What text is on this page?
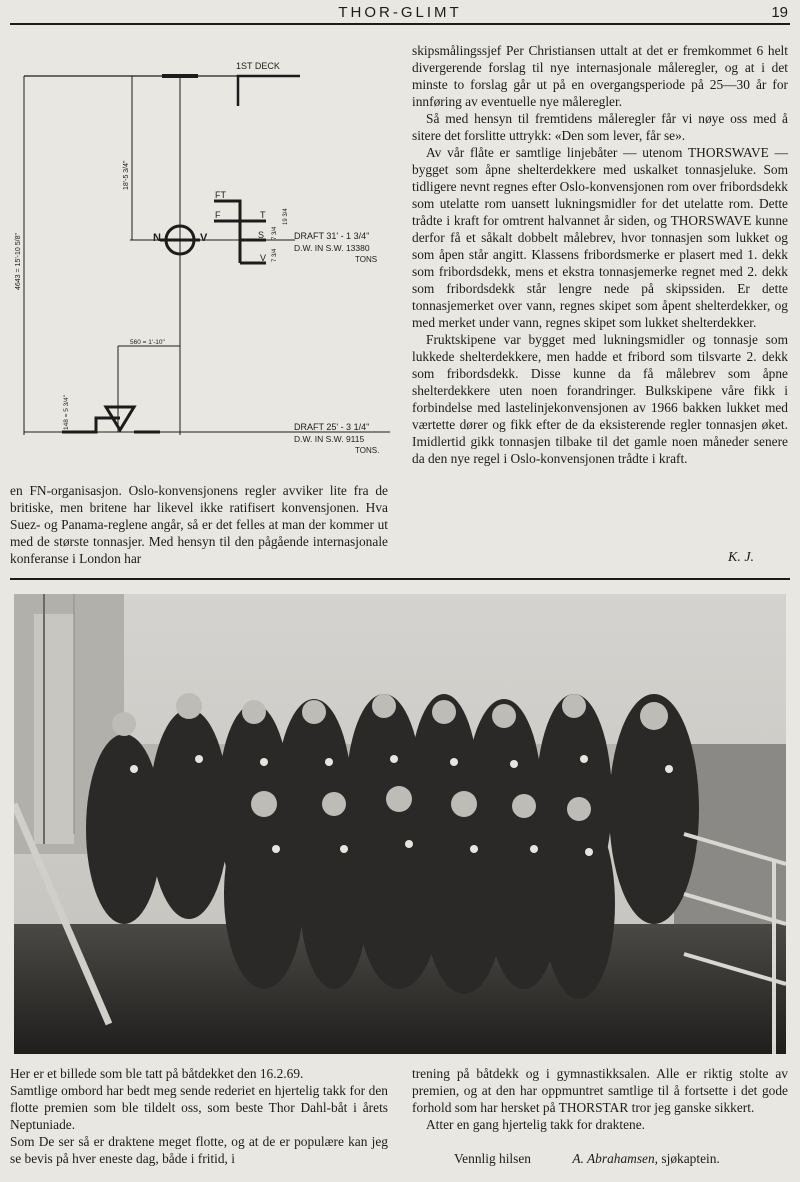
THOR-GLIMT	19
1ST DECK
4643 = 15'-10 5/8"
18'-5 3/4"
560 = 1'-10"
148 = 5 3/4"
N	V
FT
F	T
S
V
19 3/4
7 3/4
7 3/4
DRAFT 31' - 1 3/4"
D.W. IN S.W. 13380
TONS
DRAFT 25' - 3 1/4"
D.W. IN S.W. 9115
TONS.

en FN-organisasjon. Oslo-konvensjonens regler avviker lite fra de britiske, men britene har likevel ikke ratifisert konvensjonen. Hva Suez- og Panama-reglene angår, så er det felles at man der kommer ut med de største tonnasjer. Med hensyn til den pågående internasjonale konferanse i London har

skipsmålingssjef Per Christiansen uttalt at det er fremkommet 6 helt divergerende forslag til nye internasjonale måleregler, og at i det minste to forslag går ut på en overgangsperiode på 25—30 år for innføring av eventuelle nye måleregler.

Så med hensyn til fremtidens måleregler får vi nøye oss med å sitere det forslitte uttrykk: «Den som lever, får se».

Av vår flåte er samtlige linjebåter — utenom THORSWAVE — bygget som åpne shelterdekkere med uskalket tonnasjeluke. Som tidligere nevnt regnes efter Oslo-konvensjonen rom over fribordsdekk som utelatte rom uansett lukningsmidler for det utelatte rom. Dette trådte i kraft for omtrent halvannet år siden, og THORSWAVE kunne derfor få et såkalt dobbelt målebrev, hvor tonnasjen som lukket og som åpen står angitt. Klassens fribordsmerke er plasert med 1. dekk som fribordsdekk, mens et ekstra tonnasjemerke regnet med 2. dekk som fribordsdekk står lengre nede på skipssiden. Er dette tonnasjemerket over vann, regnes skipet som åpent shelterdekker, og med merket under vann, regnes skipet som lukket shelterdekker.

Fruktskipene var bygget med lukningsmidler og tonnasje som lukkede shelterdekkere, men hadde et fribord som tilsvarte 2. dekk som fribordsdekk. Disse kunne da få målebrev som åpne shelterdekkere uten noen forandringer. Bulkskipene våre fikk i forbindelse med lastelinjekonvensjonen av 1966 bakken lukket med værtette dører og fikk efter de da eksisterende regler tonnasjen øket. Imidlertid gikk tonnasjen tilbake til det gamle noen måneder senere da den nye regel i Oslo-konvensjonen trådte i kraft.

K. J.

Her er et billede som ble tatt på båtdekket den 16.2.69.

Samtlige ombord har bedt meg sende rederiet en hjertelig takk for den flotte premien som ble tildelt oss, som beste Thor Dahl-båt i årets Neptuniade.

Som De ser så er draktene meget flotte, og at de er populære kan jeg se bevis på hver eneste dag, både i fritid, i

trening på båtdekk og i gymnastikksalen. Alle er riktig stolte av premien, og at den har oppmuntret samtlige til å fortsette i det gode forhold som har hersket på THORSTAR tror jeg ganske sikkert.

Atter en gang hjertelig takk for draktene.

Vennlig hilsen	A. Abrahamsen, sjøkaptein.
